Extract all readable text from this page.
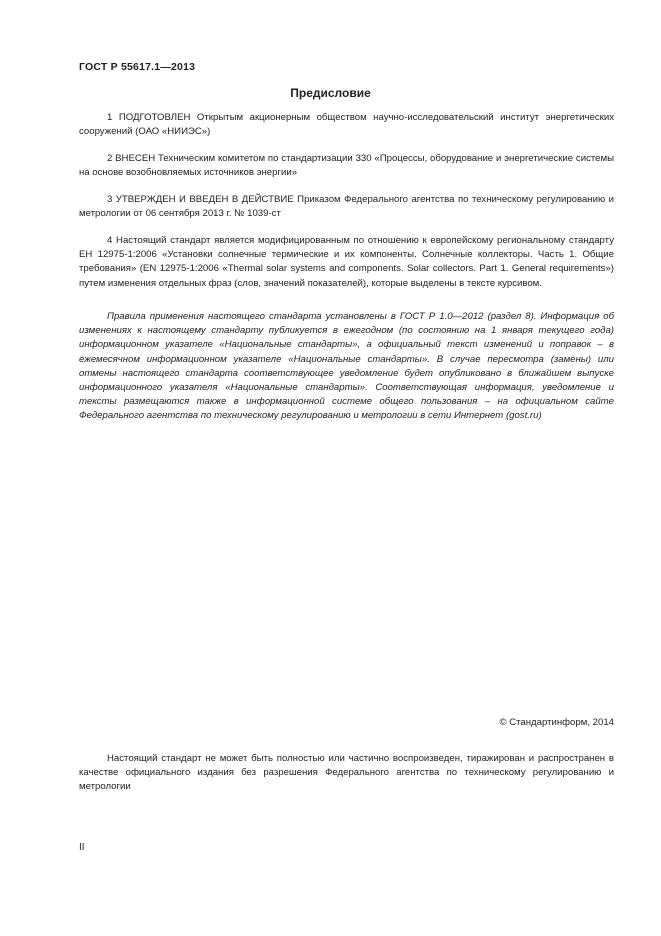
ГОСТ Р 55617.1—2013
Предисловие
1 ПОДГОТОВЛЕН Открытым акционерным обществом научно-исследовательский институт энергетических сооружений (ОАО «НИИЭС»)
2 ВНЕСЕН Техническим комитетом по стандартизации 330 «Процессы, оборудование и энергетические системы на основе возобновляемых источников энергии»
3 УТВЕРЖДЕН И ВВЕДЕН В ДЕЙСТВИЕ Приказом Федерального агентства по техническому регулированию и метрологии от 06 сентября 2013 г. № 1039-ст
4 Настоящий стандарт является модифицированным по отношению к европейскому региональному стандарту ЕН 12975-1:2006 «Установки солнечные термические и их компоненты. Солнечные коллекторы. Часть 1. Общие требования» (EN 12975-1:2006 «Thermal solar systems and components. Solar collectors. Part 1. General requirements») путем изменения отдельных фраз (слов, значений показателей), которые выделены в тексте курсивом.
Правила применения настоящего стандарта установлены в ГОСТ Р 1.0—2012 (раздел 8). Информация об изменениях к настоящему стандарту публикуется в ежегодном (по состоянию на 1 января текущего года) информационном указателе «Национальные стандарты», а официальный текст изменений и поправок – в ежемесячном информационном указателе «Национальные стандарты». В случае пересмотра (замены) или отмены настоящего стандарта соответствующее уведомление будет опубликовано в ближайшем выпуске информационного указателя «Национальные стандарты». Соответствующая информация, уведомление и тексты размещаются также в информационной системе общего пользования – на официальном сайте Федерального агентства по техническому регулированию и метрологии в сети Интернет (gost.ru)
© Стандартинформ, 2014
Настоящий стандарт не может быть полностью или частично воспроизведен, тиражирован и распространен в качестве официального издания без разрешения Федерального агентства по техническому регулированию и метрологии
II
